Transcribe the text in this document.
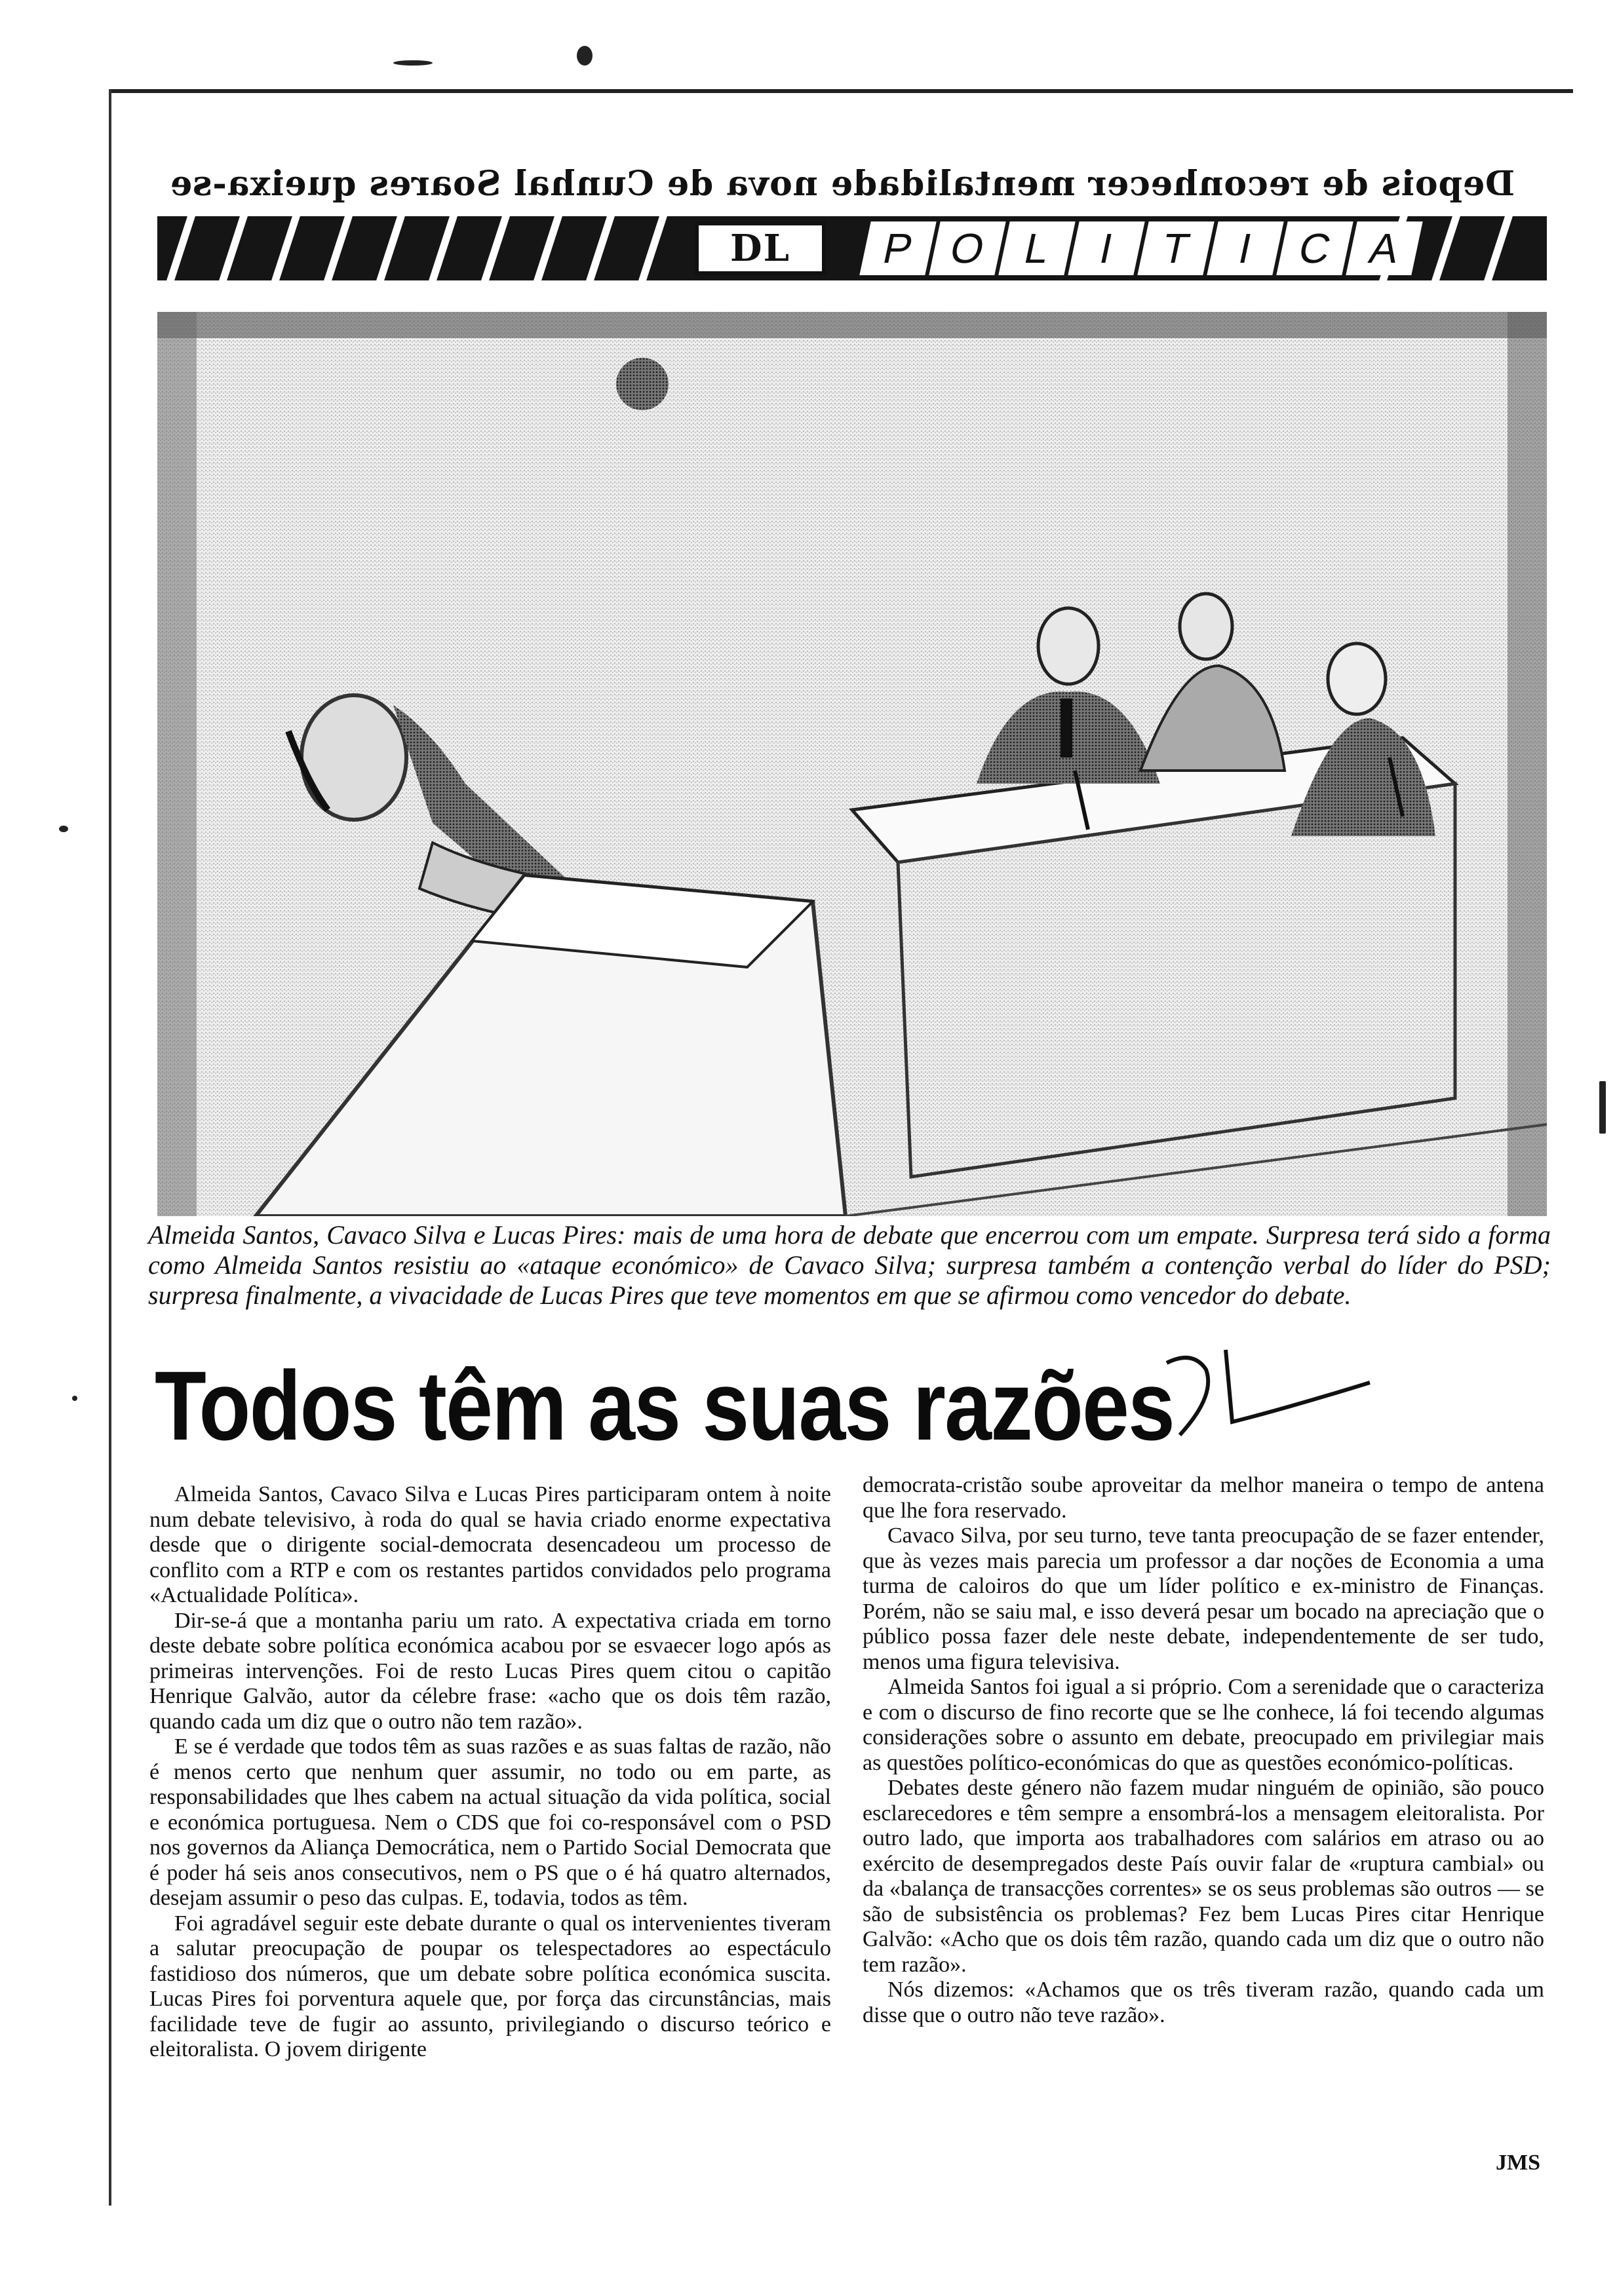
Depois de reconhecer mentalidade nova de Cunhal Soares queixa-se
DL	P O L	I T I C A
Almeida Santos, Cavaco Silva e Lucas Pires: mais de uma hora de debate que encerrou com um empate. Surpresa terá sido a forma como Almeida Santos resistiu ao «ataque económico» de Cavaco Silva; surpresa também a contenção verbal do líder do PSD; surpresa finalmente, a vivacidade de Lucas Pires que teve momentos em que se afirmou como vencedor do debate.
Todos têm as suas razões

Almeida Santos, Cavaco Silva e Lucas Pires participaram ontem à noite num debate televisivo, à roda do qual se havia criado enorme expectativa desde que o dirigente social-democrata desencadeou um processo de conflito com a RTP e com os restantes partidos convidados pelo programa «Actualidade Política».

Dir-se-á que a montanha pariu um rato. A expectativa criada em torno deste debate sobre política económica acabou por se esvaecer logo após as primeiras intervenções. Foi de resto Lucas Pires quem citou o capitão Henrique Galvão, autor da célebre frase: «acho que os dois têm razão, quando cada um diz que o outro não tem razão».

E se é verdade que todos têm as suas razões e as suas faltas de razão, não é menos certo que nenhum quer assumir, no todo ou em parte, as responsabilidades que lhes cabem na actual situação da vida política, social e económica portuguesa. Nem o CDS que foi co-responsável com o PSD nos governos da Aliança Democrática, nem o Partido Social Democrata que é poder há seis anos consecutivos, nem o PS que o é há quatro alternados, desejam assumir o peso das culpas. E, todavia, todos as têm.

Foi agradável seguir este debate durante o qual os intervenientes tiveram a salutar preocupação de poupar os telespectadores ao espectáculo fastidioso dos números, que um debate sobre política económica suscita. Lucas Pires foi porventura aquele que, por força das circunstâncias, mais facilidade teve de fugir ao assunto, privilegiando o discurso teórico e eleitoralista. O jovem dirigente

democrata-cristão soube aproveitar da melhor maneira o tempo de antena que lhe fora reservado.

Cavaco Silva, por seu turno, teve tanta preocupação de se fazer entender, que às vezes mais parecia um professor a dar noções de Economia a uma turma de caloiros do que um líder político e ex-ministro de Finanças. Porém, não se saiu mal, e isso deverá pesar um bocado na apreciação que o público possa fazer dele neste debate, independentemente de ser tudo, menos uma figura televisiva.

Almeida Santos foi igual a si próprio. Com a serenidade que o caracteriza e com o discurso de fino recorte que se lhe conhece, lá foi tecendo algumas considerações sobre o assunto em debate, preocupado em privilegiar mais as questões político-económicas do que as questões económico-políticas.

Debates deste género não fazem mudar ninguém de opinião, são pouco esclarecedores e têm sempre a ensombrá-los a mensagem eleitoralista. Por outro lado, que importa aos trabalhadores com salários em atraso ou ao exército de desempregados deste País ouvir falar de «ruptura cambial» ou da «balança de transacções correntes» se os seus problemas são outros — se são de subsistência os problemas? Fez bem Lucas Pires citar Henrique Galvão: «Acho que os dois têm razão, quando cada um diz que o outro não tem razão».

Nós dizemos: «Achamos que os três tiveram razão, quando cada um disse que o outro não teve razão».

JMS
